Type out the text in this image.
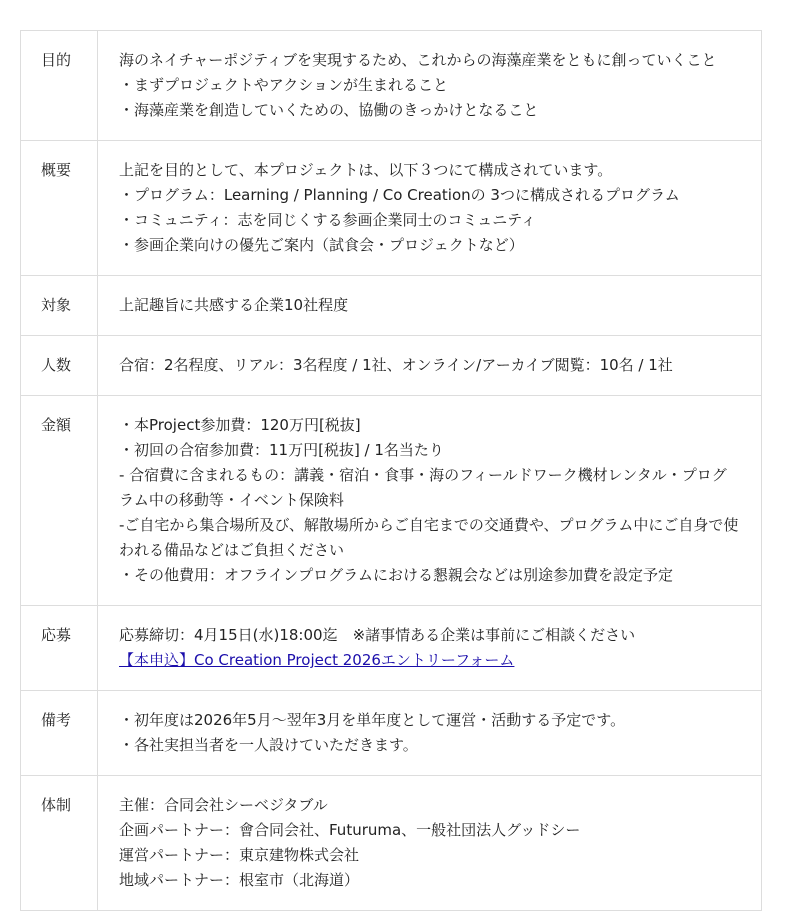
目的	海のネイチャーポジティブを実現するため、これからの海藻産業をともに創っていくこと
・まずプロジェクトやアクションが生まれること
・海藻産業を創造していくための、協働のきっかけとなること

概要	上記を目的として、本プロジェクトは、以下３つにて構成されています。
・プログラム：Learning / Planning / Co Creationの 3つに構成されるプログラム
・コミュニティ：志を同じくする参画企業同士のコミュニティ
・参画企業向けの優先ご案内（試食会・プロジェクトなど）

対象	上記趣旨に共感する企業10社程度

人数	合宿：2名程度、リアル：3名程度 / 1社、オンライン/アーカイブ閲覧：10名 / 1社

金額	・本Project参加費：120万円[税抜]
・初回の合宿参加費：11万円[税抜] / 1名当たり
- 合宿費に含まれるもの：講義・宿泊・食事・海のフィールドワーク機材レンタル・プログラム中の移動等・イベント保険料
-ご自宅から集合場所及び、解散場所からご自宅までの交通費や、プログラム中にご自身で使われる備品などはご負担ください
・その他費用：オフラインプログラムにおける懇親会などは別途参加費を設定予定

応募	応募締切：4月15日(水)18:00迄　※諸事情ある企業は事前にご相談ください
【本申込】Co Creation Project 2026エントリーフォーム

備考	・初年度は2026年5月～翌年3月を単年度として運営・活動する予定です。
・各社実担当者を一人設けていただきます。

体制	主催：合同会社シーベジタブル
企画パートナー：會合同会社、Futuruma、一般社団法人グッドシー
運営パートナー：東京建物株式会社
地域パートナー：根室市（北海道）
